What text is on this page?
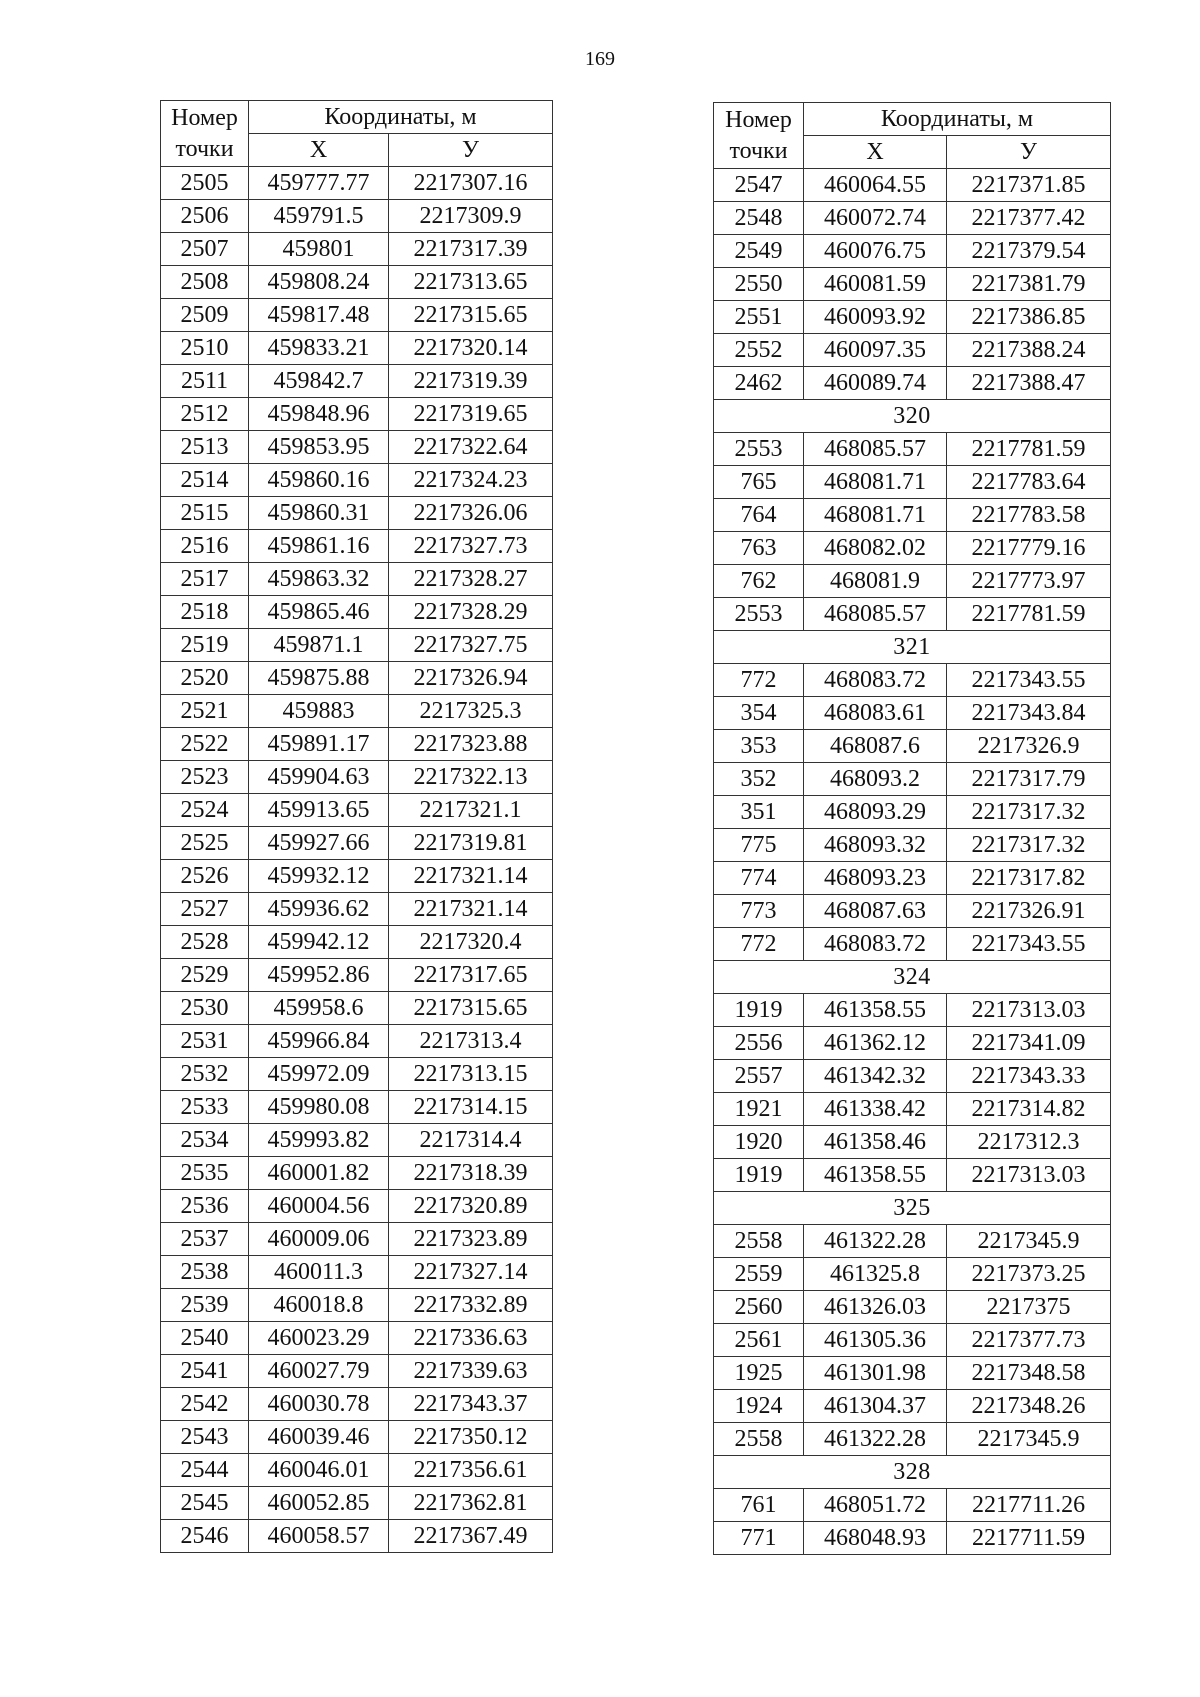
169
Номер
точки	Координаты, м	
	Х	У
2505	459777.77	2217307.16
2506	459791.5	2217309.9
2507	459801	2217317.39
2508	459808.24	2217313.65
2509	459817.48	2217315.65
2510	459833.21	2217320.14
2511	459842.7	2217319.39
2512	459848.96	2217319.65
2513	459853.95	2217322.64
2514	459860.16	2217324.23
2515	459860.31	2217326.06
2516	459861.16	2217327.73
2517	459863.32	2217328.27
2518	459865.46	2217328.29
2519	459871.1	2217327.75
2520	459875.88	2217326.94
2521	459883	2217325.3
2522	459891.17	2217323.88
2523	459904.63	2217322.13
2524	459913.65	2217321.1
2525	459927.66	2217319.81
2526	459932.12	2217321.14
2527	459936.62	2217321.14
2528	459942.12	2217320.4
2529	459952.86	2217317.65
2530	459958.6	2217315.65
2531	459966.84	2217313.4
2532	459972.09	2217313.15
2533	459980.08	2217314.15
2534	459993.82	2217314.4
2535	460001.82	2217318.39
2536	460004.56	2217320.89
2537	460009.06	2217323.89
2538	460011.3	2217327.14
2539	460018.8	2217332.89
2540	460023.29	2217336.63
2541	460027.79	2217339.63
2542	460030.78	2217343.37
2543	460039.46	2217350.12
2544	460046.01	2217356.61
2545	460052.85	2217362.81
2546	460058.57	2217367.49
Номер
точки	Координаты, м	
	Х	У
2547	460064.55	2217371.85
2548	460072.74	2217377.42
2549	460076.75	2217379.54
2550	460081.59	2217381.79
2551	460093.92	2217386.85
2552	460097.35	2217388.24
2462	460089.74	2217388.47
320		
2553	468085.57	2217781.59
765	468081.71	2217783.64
764	468081.71	2217783.58
763	468082.02	2217779.16
762	468081.9	2217773.97
2553	468085.57	2217781.59
321		
772	468083.72	2217343.55
354	468083.61	2217343.84
353	468087.6	2217326.9
352	468093.2	2217317.79
351	468093.29	2217317.32
775	468093.32	2217317.32
774	468093.23	2217317.82
773	468087.63	2217326.91
772	468083.72	2217343.55
324		
1919	461358.55	2217313.03
2556	461362.12	2217341.09
2557	461342.32	2217343.33
1921	461338.42	2217314.82
1920	461358.46	2217312.3
1919	461358.55	2217313.03
325		
2558	461322.28	2217345.9
2559	461325.8	2217373.25
2560	461326.03	2217375
2561	461305.36	2217377.73
1925	461301.98	2217348.58
1924	461304.37	2217348.26
2558	461322.28	2217345.9
328		
761	468051.72	2217711.26
771	468048.93	2217711.59
